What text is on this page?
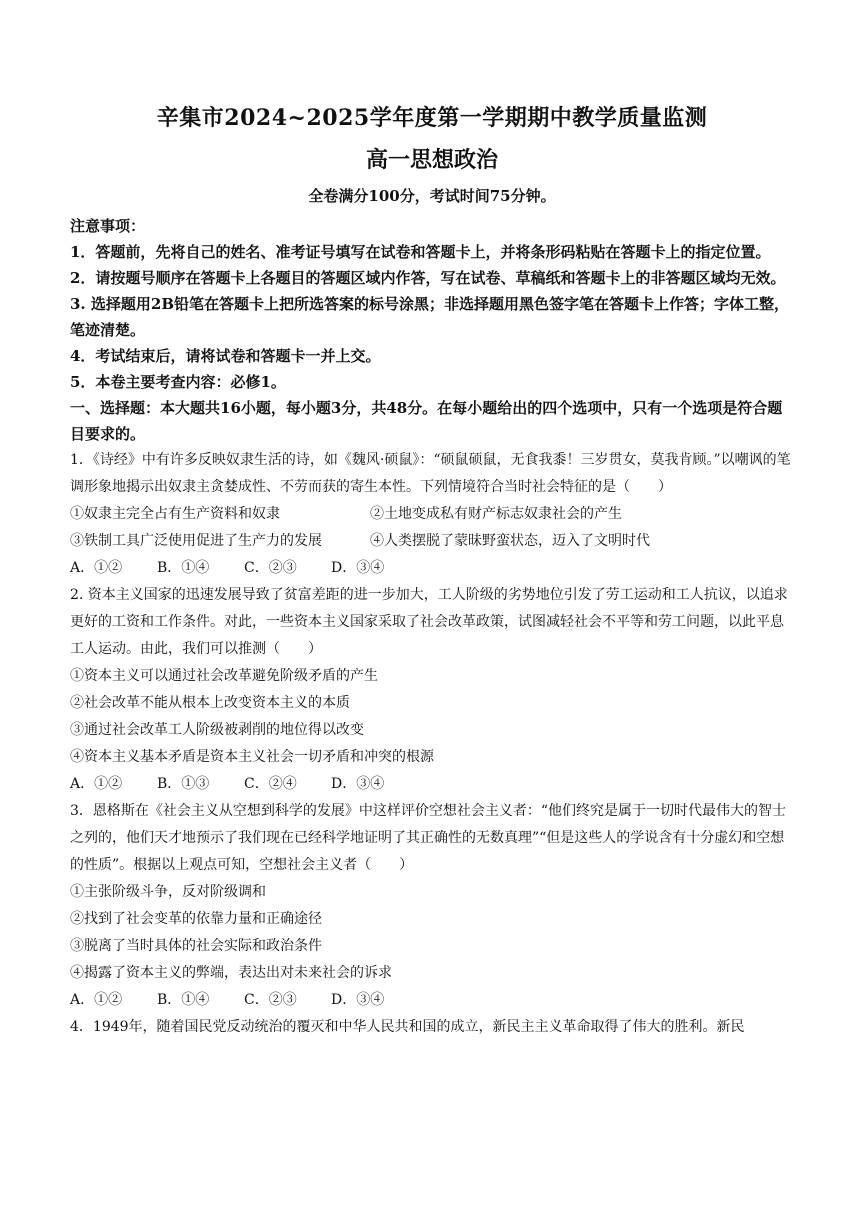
辛集市2024~2025学年度第一学期期中教学质量监测
高一思想政治
全卷满分100分，考试时间75分钟。
注意事项：

1．答题前，先将自己的姓名、准考证号填写在试卷和答题卡上，并将条形码粘贴在答题卡上的指定位置。

2．请按题号顺序在答题卡上各题目的答题区域内作答，写在试卷、草稿纸和答题卡上的非答题区域均无效。

3. 选择题用2B铅笔在答题卡上把所选答案的标号涂黑；非选择题用黑色签字笔在答题卡上作答；字体工整，笔迹清楚。

4．考试结束后，请将试卷和答题卡一并上交。

5．本卷主要考查内容：必修1。

一、选择题：本大题共16小题，每小题3分，共48分。在每小题给出的四个选项中，只有一个选项是符合题目要求的。

1．《诗经》中有许多反映奴隶生活的诗，如《魏风·硕鼠》：“硕鼠硕鼠，无食我黍！三岁贯女，莫我肯顾。”以嘲讽的笔调形象地揭示出奴隶主贪婪成性、不劳而获的寄生本性。下列情境符合当时社会特征的是（　　）

①奴隶主完全占有生产资料和奴隶	②土地变成私有财产标志奴隶社会的产生
③铁制工具广泛使用促进了生产力的发展	④人类摆脱了蒙昧野蛮状态，迈入了文明时代
A．①②	B．①④	C．②③	D．③④

2. 资本主义国家的迅速发展导致了贫富差距的进一步加大，工人阶级的劣势地位引发了劳工运动和工人抗议，以追求更好的工资和工作条件。对此，一些资本主义国家采取了社会改革政策，试图减轻社会不平等和劳工问题，以此平息工人运动。由此，我们可以推测（　　）

①资本主义可以通过社会改革避免阶级矛盾的产生

②社会改革不能从根本上改变资本主义的本质

③通过社会改革工人阶级被剥削的地位得以改变

④资本主义基本矛盾是资本主义社会一切矛盾和冲突的根源

A．①②	B．①③	C．②④	D．③④

3．恩格斯在《社会主义从空想到科学的发展》中这样评价空想社会主义者：“他们终究是属于一切时代最伟大的智士之列的，他们天才地预示了我们现在已经科学地证明了其正确性的无数真理”“但是这些人的学说含有十分虚幻和空想的性质”。根据以上观点可知，空想社会主义者（　　）

①主张阶级斗争，反对阶级调和

②找到了社会变革的依靠力量和正确途径

③脱离了当时具体的社会实际和政治条件

④揭露了资本主义的弊端，表达出对未来社会的诉求

A．①②	B．①④	C．②③	D．③④

4．1949年，随着国民党反动统治的覆灭和中华人民共和国的成立，新民主主义革命取得了伟大的胜利。新民
